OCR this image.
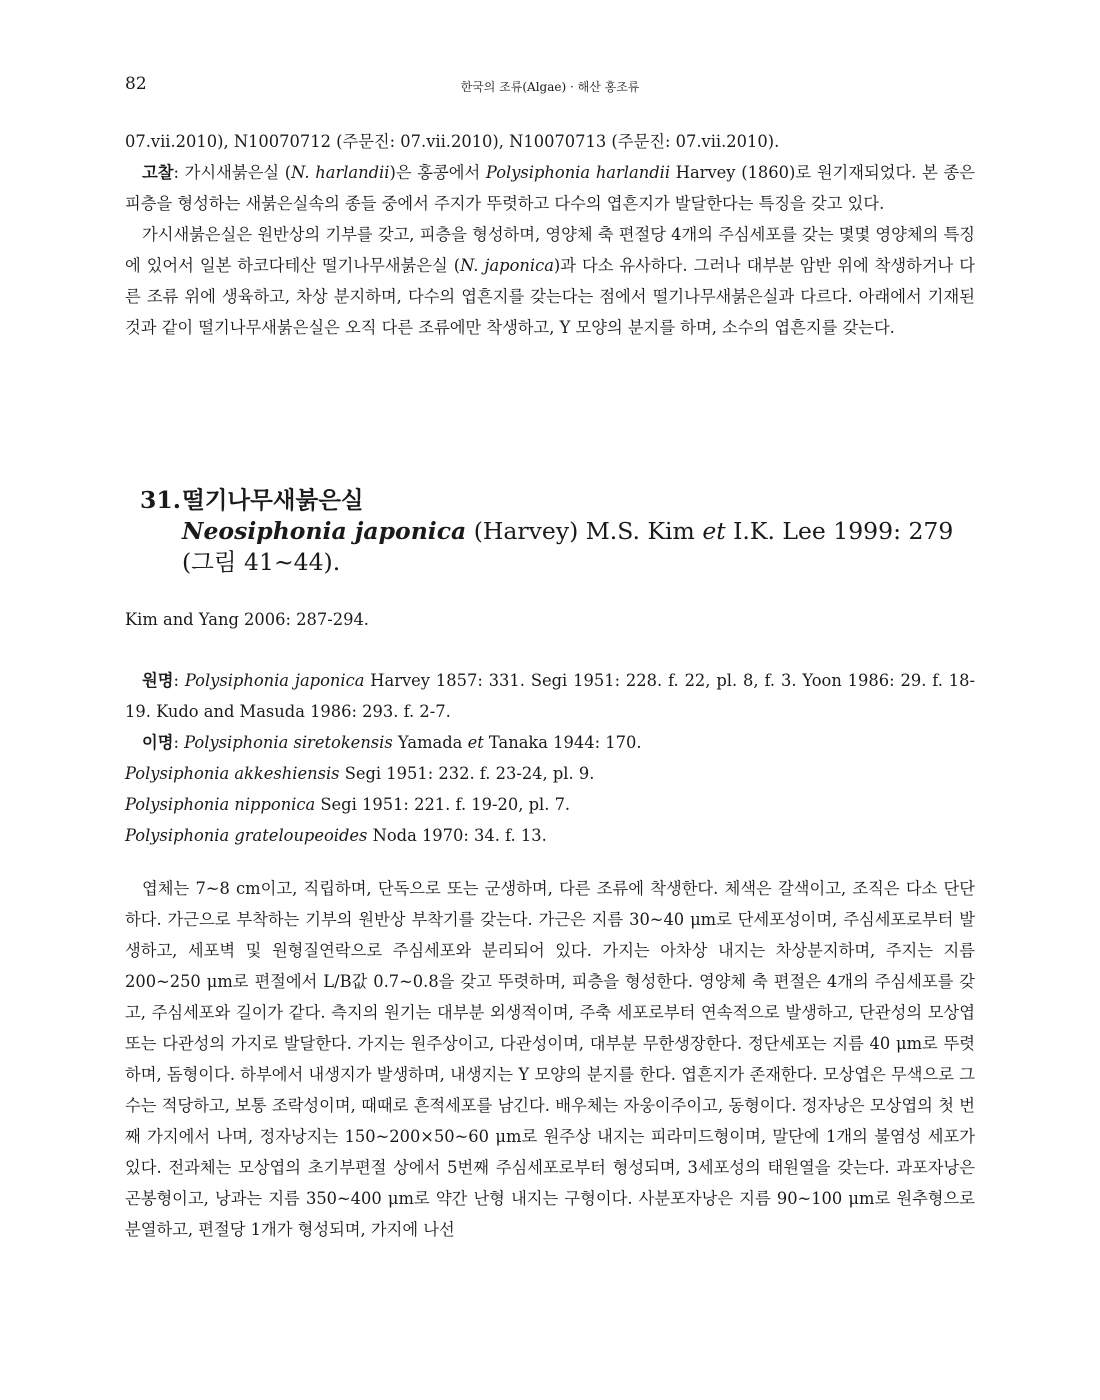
82	한국의 조류(Algae) · 해산 홍조류

07.vii.2010), N10070712 (주문진: 07.vii.2010), N10070713 (주문진: 07.vii.2010).

고찰: 가시새붉은실 (N. harlandii)은 홍콩에서 Polysiphonia harlandii Harvey (1860)로 원기재되었다. 본 종은 피층을 형성하는 새붉은실속의 종들 중에서 주지가 뚜렷하고 다수의 엽흔지가 발달한다는 특징을 갖고 있다.

가시새붉은실은 원반상의 기부를 갖고, 피층을 형성하며, 영양체 축 편절당 4개의 주심세포를 갖는 몇몇 영양체의 특징에 있어서 일본 하코다테산 떨기나무새붉은실 (N. japonica)과 다소 유사하다. 그러나 대부분 암반 위에 착생하거나 다른 조류 위에 생육하고, 차상 분지하며, 다수의 엽흔지를 갖는다는 점에서 떨기나무새붉은실과 다르다. 아래에서 기재된 것과 같이 떨기나무새붉은실은 오직 다른 조류에만 착생하고, Y 모양의 분지를 하며, 소수의 엽흔지를 갖는다.

31.떨기나무새붉은실
Neosiphonia japonica (Harvey) M.S. Kim et I.K. Lee 1999: 279
(그림 41~44).

Kim and Yang 2006: 287-294.

원명: Polysiphonia japonica Harvey 1857: 331. Segi 1951: 228. f. 22, pl. 8, f. 3. Yoon 1986: 29. f. 18-19. Kudo and Masuda 1986: 293. f. 2-7.

이명: Polysiphonia siretokensis Yamada et Tanaka 1944: 170.

Polysiphonia akkeshiensis Segi 1951: 232. f. 23-24, pl. 9.

Polysiphonia nipponica Segi 1951: 221. f. 19-20, pl. 7.

Polysiphonia grateloupeoides Noda 1970: 34. f. 13.

엽체는 7~8 cm이고, 직립하며, 단독으로 또는 군생하며, 다른 조류에 착생한다. 체색은 갈색이고, 조직은 다소 단단하다. 가근으로 부착하는 기부의 원반상 부착기를 갖는다. 가근은 지름 30~40 μm로 단세포성이며, 주심세포로부터 발생하고, 세포벽 및 원형질연락으로 주심세포와 분리되어 있다. 가지는 아차상 내지는 차상분지하며, 주지는 지름 200~250 μm로 편절에서 L/B값 0.7~0.8을 갖고 뚜렷하며, 피층을 형성한다. 영양체 축 편절은 4개의 주심세포를 갖고, 주심세포와 길이가 같다. 측지의 원기는 대부분 외생적이며, 주축 세포로부터 연속적으로 발생하고, 단관성의 모상엽 또는 다관성의 가지로 발달한다. 가지는 원주상이고, 다관성이며, 대부분 무한생장한다. 정단세포는 지름 40 μm로 뚜렷하며, 돔형이다. 하부에서 내생지가 발생하며, 내생지는 Y 모양의 분지를 한다. 엽흔지가 존재한다. 모상엽은 무색으로 그 수는 적당하고, 보통 조락성이며, 때때로 흔적세포를 남긴다. 배우체는 자웅이주이고, 동형이다. 정자낭은 모상엽의 첫 번째 가지에서 나며, 정자낭지는 150~200×50~60 μm로 원주상 내지는 피라미드형이며, 말단에 1개의 불염성 세포가 있다. 전과체는 모상엽의 초기부편절 상에서 5번째 주심세포로부터 형성되며, 3세포성의 태원열을 갖는다. 과포자낭은 곤봉형이고, 낭과는 지름 350~400 μm로 약간 난형 내지는 구형이다. 사분포자낭은 지름 90~100 μm로 원추형으로 분열하고, 편절당 1개가 형성되며, 가지에 나선
